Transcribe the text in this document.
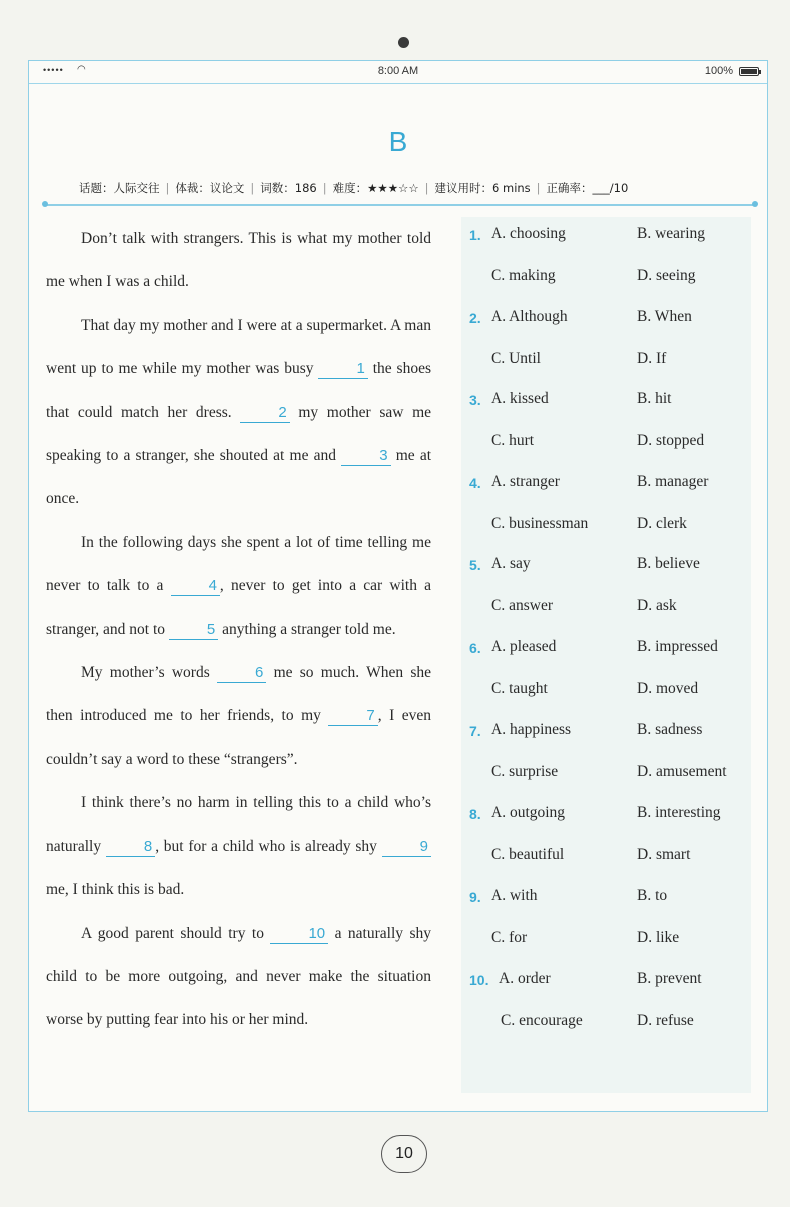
••••• ◠	8:00 AM	100%
B
话题：人际交往 | 体裁：议论文 | 词数：186 | 难度：★★★☆☆ | 建议用时：6 mins | 正确率：___/10

Don’t talk with strangers. This is what my mother told me when I was a child.

That day my mother and I were at a supermarket. A man went up to me while my mother was busy	1 the shoes that could match her dress.	2 my mother saw me speaking to a stranger, she shouted at me and	3 me at once.

In the following days she spent a lot of time telling me never to talk to a	4 , never to get into a car with a stranger, and not to	5 anything a stranger told me.

My mother’s words	6 me so much. When she then introduced me to her friends, to my	7 , I even couldn’t say a word to these “strangers”.

I think there’s no harm in telling this to a child who’s naturally	8 , but for a child who is already shy	9 me, I think this is bad.

A good parent should try to	10 a naturally shy child to be more outgoing, and never make the situation worse by putting fear into his or her mind.

1. A. choosing	B. wearing
C. making	D. seeing
2. A. Although	B. When
C. Until	D. If
3. A. kissed	B. hit
C. hurt	D. stopped
4. A. stranger	B. manager
C. businessman	D. clerk
5. A. say	B. believe
C. answer	D. ask
6. A. pleased	B. impressed
C. taught	D. moved
7. A. happiness	B. sadness
C. surprise	D. amusement
8. A. outgoing	B. interesting
C. beautiful	D. smart
9. A. with	B. to
C. for	D. like
10. A. order	B. prevent
C. encourage	D. refuse
10
